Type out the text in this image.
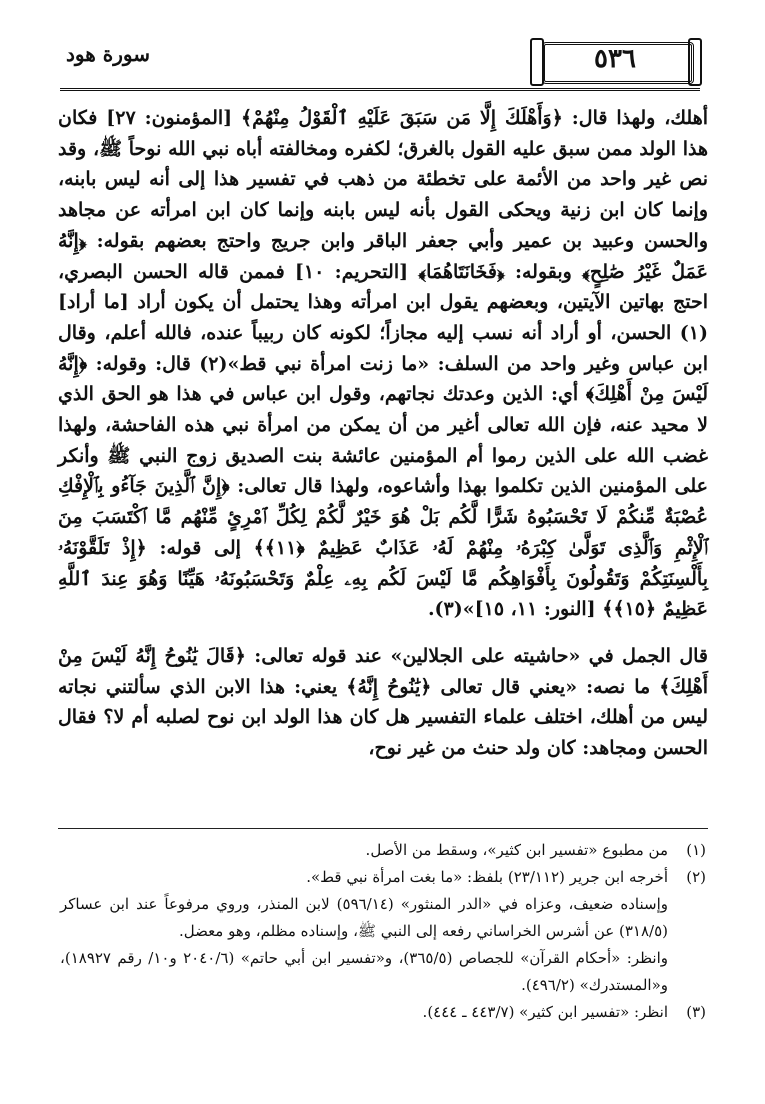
سورة هود	٥٣٦

أهلك، ولهذا قال: ﴿وَأَهْلَكَ إِلَّا مَن سَبَقَ عَلَيْهِ ٱلْقَوْلُ مِنْهُمْ﴾ [المؤمنون: ٢٧] فكان هذا الولد ممن سبق عليه القول بالغرق؛ لكفره ومخالفته أباه نبي الله نوحاً ﷺ، وقد نص غير واحد من الأئمة على تخطئة من ذهب في تفسير هذا إلى أنه ليس بابنه، وإنما كان ابن زنية ويحكى القول بأنه ليس بابنه وإنما كان ابن امرأته عن مجاهد والحسن وعبيد بن عمير وأبي جعفر الباقر وابن جريج واحتج بعضهم بقوله: ﴿إِنَّهُ عَمَلٌ غَيْرُ صَٰلِحٍ﴾ وبقوله: ﴿فَخَانَتَاهُمَا﴾ [التحريم: ١٠] فممن قاله الحسن البصري، احتج بهاتين الآيتين، وبعضهم يقول ابن امرأته وهذا يحتمل أن يكون أراد [ما أراد](١) الحسن، أو أراد أنه نسب إليه مجازاً؛ لكونه كان ربيباً عنده، فالله أعلم، وقال ابن عباس وغير واحد من السلف: «ما زنت امرأة نبي قط»(٢) قال: وقوله: ﴿إِنَّهُ لَيْسَ مِنْ أَهْلِكَ﴾ أي: الذين وعدتك نجاتهم، وقول ابن عباس في هذا هو الحق الذي لا محيد عنه، فإن الله تعالى أغير من أن يمكن من امرأة نبي هذه الفاحشة، ولهذا غضب الله على الذين رموا أم المؤمنين عائشة بنت الصديق زوج النبي ﷺ وأنكر على المؤمنين الذين تكلموا بهذا وأشاعوه، ولهذا قال تعالى: ﴿إِنَّ ٱلَّذِينَ جَآءُو بِٱلْإِفْكِ عُصْبَةٌ مِّنكُمْ لَا تَحْسَبُوهُ شَرًّا لَّكُم بَلْ هُوَ خَيْرٌ لَّكُمْ لِكُلِّ ٱمْرِئٍ مِّنْهُم مَّا ٱكْتَسَبَ مِنَ ٱلْإِثْمِ وَٱلَّذِى تَوَلَّىٰ كِبْرَهُۥ مِنْهُمْ لَهُۥ عَذَابٌ عَظِيمٌ ﴿١١﴾﴾ إلى قوله: ﴿إِذْ تَلَقَّوْنَهُۥ بِأَلْسِنَتِكُمْ وَتَقُولُونَ بِأَفْوَاهِكُم مَّا لَيْسَ لَكُم بِهِۦ عِلْمٌ وَتَحْسَبُونَهُۥ هَيِّنًا وَهُوَ عِندَ ٱللَّهِ عَظِيمٌ ﴿١٥﴾﴾ [النور: ١١، ١٥]»(٣).

قال الجمل في «حاشيته على الجلالين» عند قوله تعالى: ﴿قَالَ يَٰنُوحُ إِنَّهُ لَيْسَ مِنْ أَهْلِكَ﴾ ما نصه: «يعني قال تعالى ﴿يَٰنُوحُ إِنَّهُ﴾ يعني: هذا الابن الذي سألتني نجاته ليس من أهلك، اختلف علماء التفسير هل كان هذا الولد ابن نوح لصلبه أم لا؟ فقال الحسن ومجاهد: كان ولد حنث من غير نوح،

(١)
من مطبوع «تفسير ابن كثير»، وسقط من الأصل.
(٢)
أخرجه ابن جرير (٢٣/١١٢) بلفظ: «ما بغت امرأة نبي قط».
وإسناده ضعيف، وعزاه في «الدر المنثور» (٥٩٦/١٤) لابن المنذر، وروي مرفوعاً عند ابن عساكر (٣١٨/٥) عن أشرس الخراساني رفعه إلى النبي ﷺ، وإسناده مظلم، وهو معضل.
وانظر: «أحكام القرآن» للجصاص (٣٦٥/٥)، و«تفسير ابن أبي حاتم» (٢٠٤٠/٦ و١٠/ رقم ١٨٩٢٧)، و«المستدرك» (٤٩٦/٢).
(٣)
انظر: «تفسير ابن كثير» (٤٤٣/٧ ـ ٤٤٤).
